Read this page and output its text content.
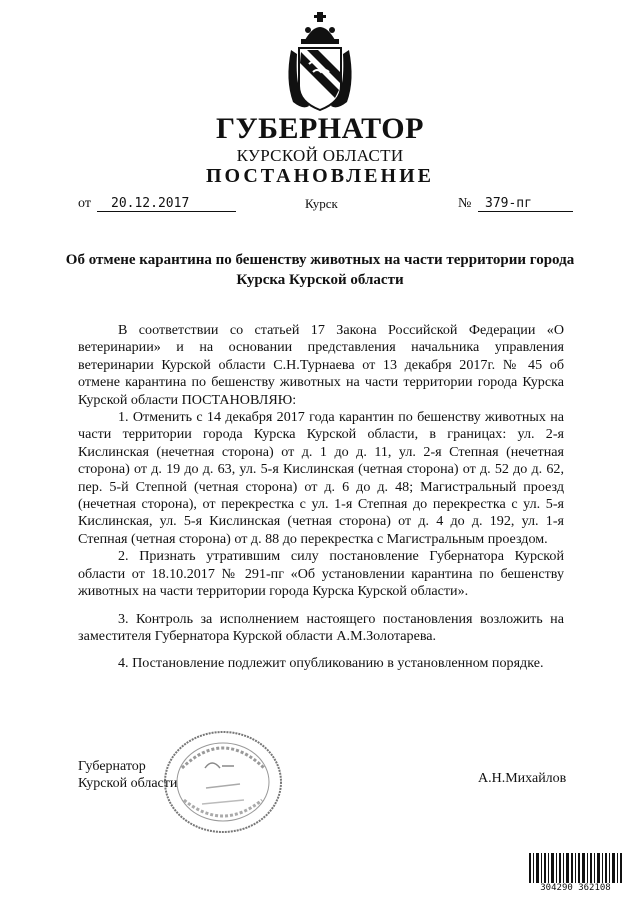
ГУБЕРНАТОР
КУРСКОЙ ОБЛАСТИ
ПОСТАНОВЛЕНИЕ
от	20.12.2017	Курск	№	379-пг
Об отмене карантина по бешенству животных на части территории города Курска Курской области

В соответствии со статьей 17 Закона Российской Федерации «О ветеринарии» и на основании представления начальника управления ветеринарии Курской области С.Н.Турнаева от 13 декабря 2017г. № 45 об отмене карантина по бешенству животных на части территории города Курска Курской области ПОСТАНОВЛЯЮ:

1. Отменить с 14 декабря 2017 года карантин по бешенству животных на части территории города Курска Курской области, в границах: ул. 2-я Кислинская (нечетная сторона) от д. 1 до д. 11, ул. 2-я Степная (нечетная сторона) от д. 19 до д. 63, ул. 5-я Кислинская (четная сторона) от д. 52 до д. 62, пер. 5-й Степной (четная сторона) от д. 6 до д. 48; Магистральный проезд (нечетная сторона), от перекрестка с ул. 1-я Степная до перекрестка с ул. 5-я Кислинская, ул. 5-я Кислинская (четная сторона) от д. 4 до д. 192, ул. 1-я Степная (четная сторона) от д. 88 до перекрестка с Магистральным проездом.

2. Признать утратившим силу постановление Губернатора Курской области от 18.10.2017 № 291-пг «Об установлении карантина по бешенству животных на части территории города Курска Курской области».

3. Контроль за исполнением настоящего постановления возложить на заместителя Губернатора Курской области А.М.Золотарева.

4. Постановление подлежит опубликованию в установленном порядке.

Губернатор
Курской области	А.Н.Михайлов
304290 362108
